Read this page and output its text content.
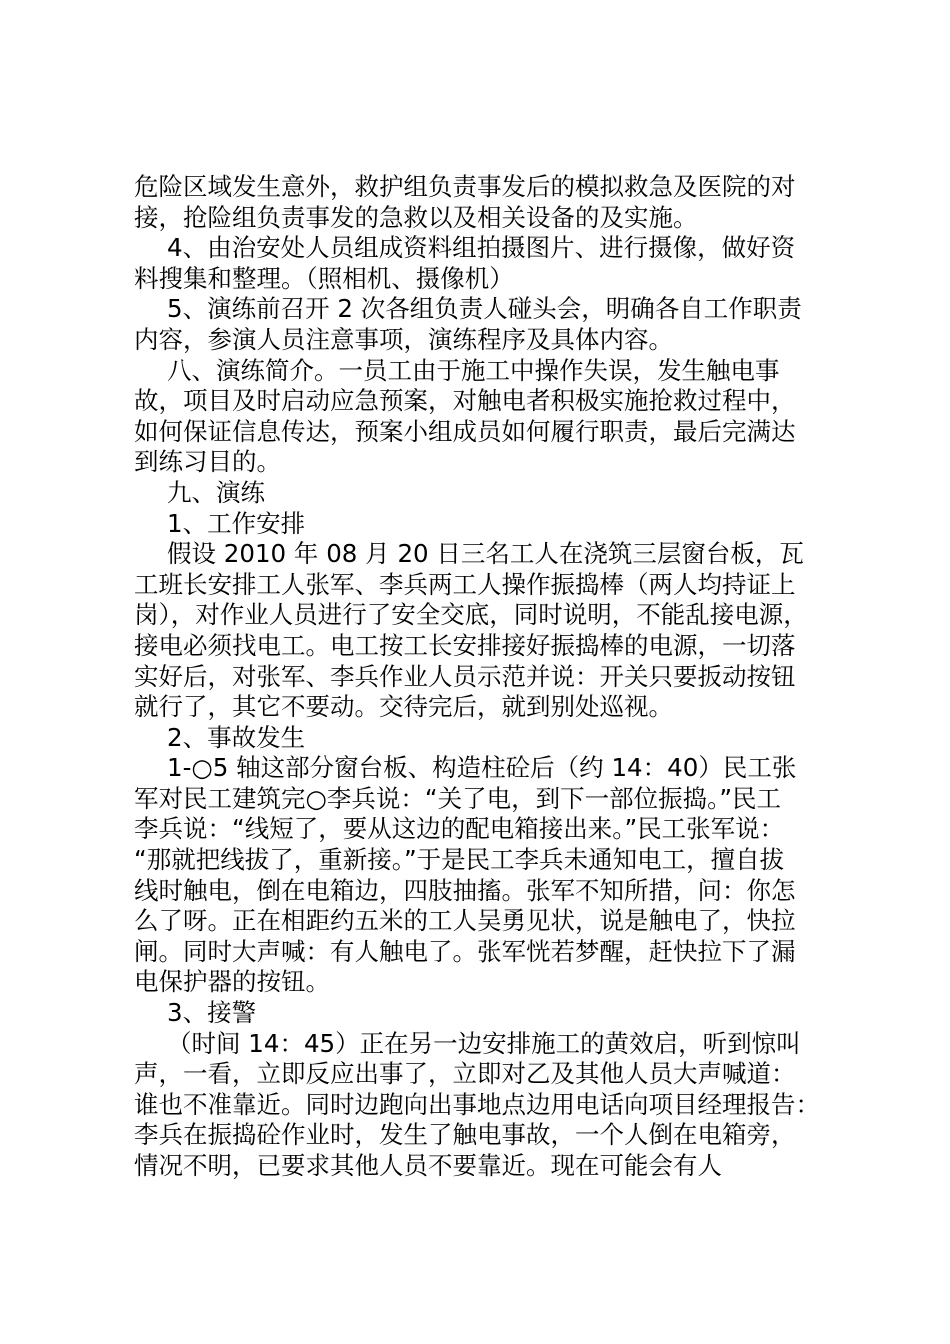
危险区域发生意外，救护组负责事发后的模拟救急及医院的对
接，抢险组负责事发的急救以及相关设备的及实施。
4、由治安处人员组成资料组拍摄图片、进行摄像，做好资
料搜集和整理。（照相机、摄像机）
5、演练前召开 2 次各组负责人碰头会，明确各自工作职责
内容，参演人员注意事项，演练程序及具体内容。
八、演练简介。一员工由于施工中操作失误，发生触电事
故，项目及时启动应急预案，对触电者积极实施抢救过程中，
如何保证信息传达，预案小组成员如何履行职责，最后完满达
到练习目的。
九、演练
1、工作安排
假设 2010 年 08 月 20 日三名工人在浇筑三层窗台板，瓦
工班长安排工人张军、李兵两工人操作振捣棒（两人均持证上
岗），对作业人员进行了安全交底，同时说明，不能乱接电源，
接电必须找电工。电工按工长安排接好振捣棒的电源，一切落
实好后，对张军、李兵作业人员示范并说：开关只要扳动按钮
就行了，其它不要动。交待完后，就到别处巡视。
2、事故发生
1-○5 轴这部分窗台板、构造柱砼后（约 14：40）民工张
军对民工建筑完○李兵说：“关了电，到下一部位振捣。”民工
李兵说：“线短了，要从这边的配电箱接出来。”民工张军说：
“那就把线拔了，重新接。”于是民工李兵未通知电工，擅自拔
线时触电，倒在电箱边，四肢抽搐。张军不知所措，问：你怎
么了呀。正在相距约五米的工人吴勇见状，说是触电了，快拉
闸。同时大声喊：有人触电了。张军恍若梦醒，赶快拉下了漏
电保护器的按钮。
3、接警
（时间 14：45）正在另一边安排施工的黄效启，听到惊叫
声，一看，立即反应出事了，立即对乙及其他人员大声喊道：
谁也不准靠近。同时边跑向出事地点边用电话向项目经理报告：
李兵在振捣砼作业时，发生了触电事故，一个人倒在电箱旁，
情况不明，已要求其他人员不要靠近。现在可能会有人
